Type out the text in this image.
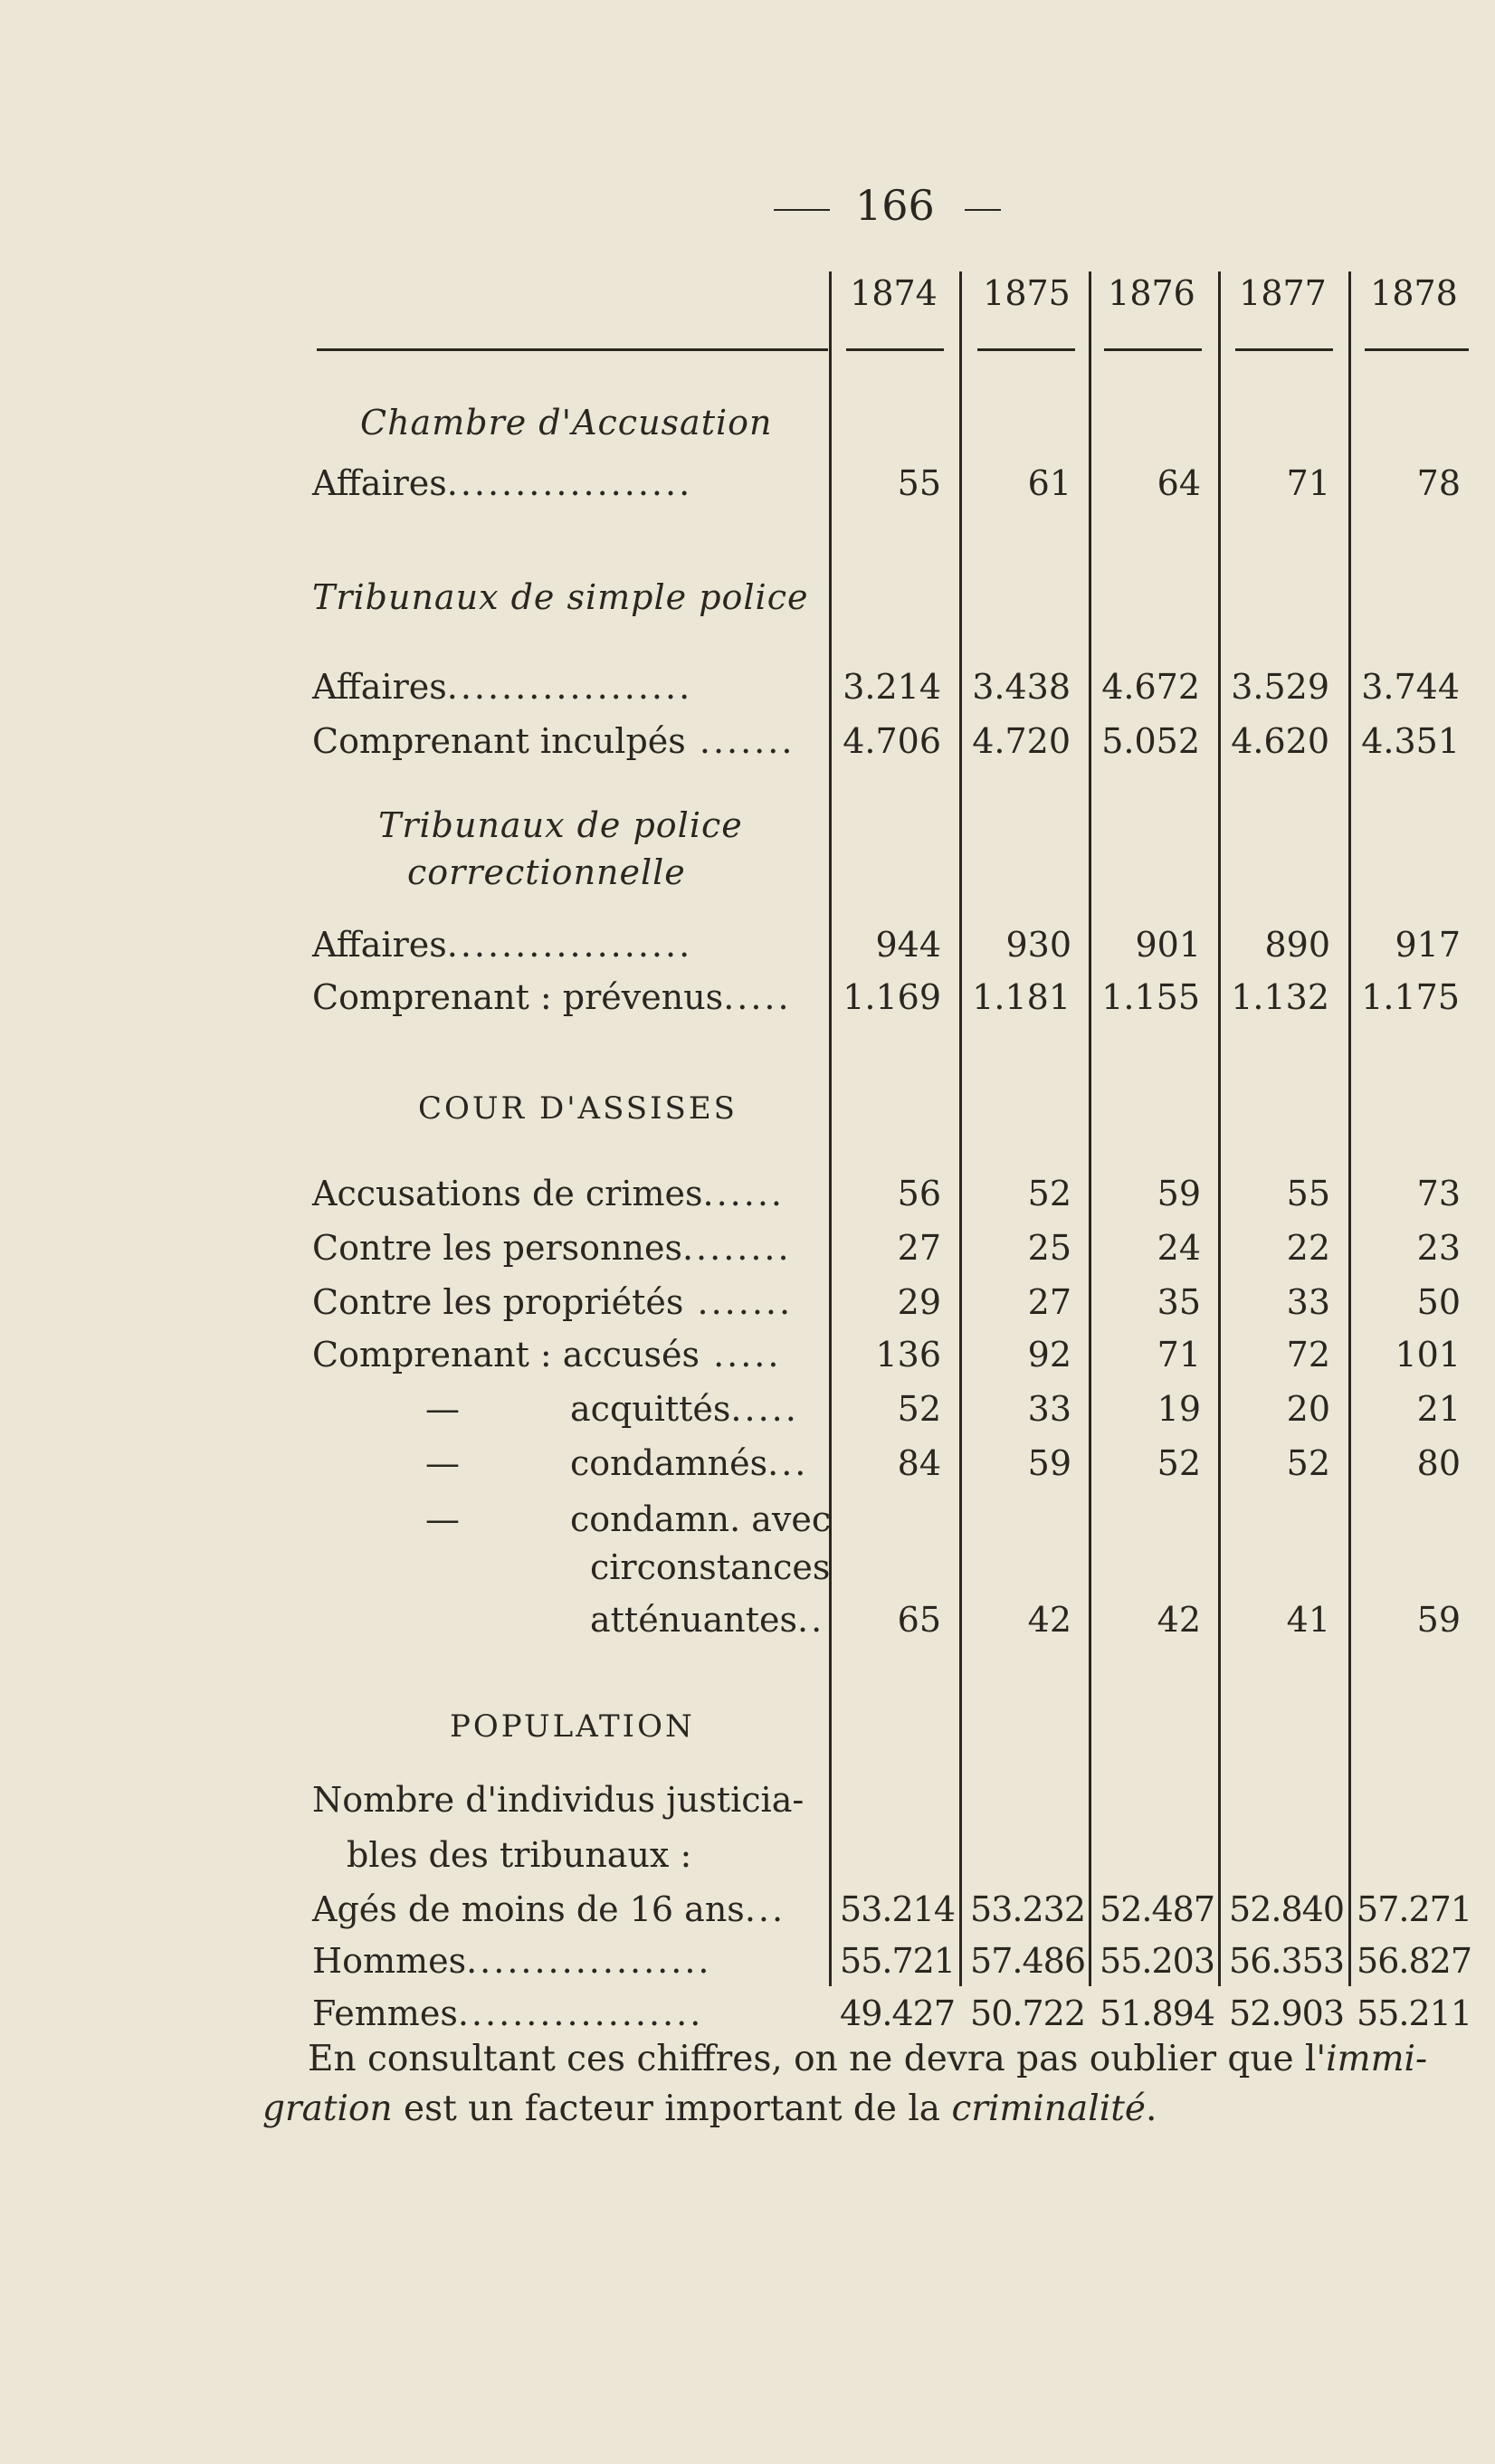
166
1874	1875	1876	1877	1878
Chambre d'Accusation
Affaires..................	55	61	64	71	78
Tribunaux de simple police
Affaires..................	3.214 3.438 4.672 3.529 3.744
Comprenant inculpés ....... 4.706 4.720 5.052 4.620 4.351
Tribunaux de police
correctionnelle
Affaires..................	944	930	901	890	917
Comprenant : prévenus..... 1.169 1.181 1.155 1.132 1.175
COUR D'ASSISES
Accusations de crimes......	56	52	59	55	73
Contre les personnes........	27	25	24	22	23
Contre les propriétés .......	29	27	35	33	50
Comprenant : accusés .....	136	92	71	72	101
—	acquittés.....	52	33	19	20	21
—	condamnés...	84	59	52	52	80
—	condamn. avec
circonstances
atténuantes..	65	42	42	41	59
POPULATION
Nombre d'individus justicia-
bles des tribunaux :
Agés de moins de 16 ans... 53.214 53.232 52.487 52.840 57.271
Hommes..................	55.721 57.486 55.203 56.353 56.827
Femmes..................	49.427 50.722 51.894 52.903 55.211
En consultant ces chiffres, on ne devra pas oublier que l'immi-
gration est un facteur important de la criminalité.
